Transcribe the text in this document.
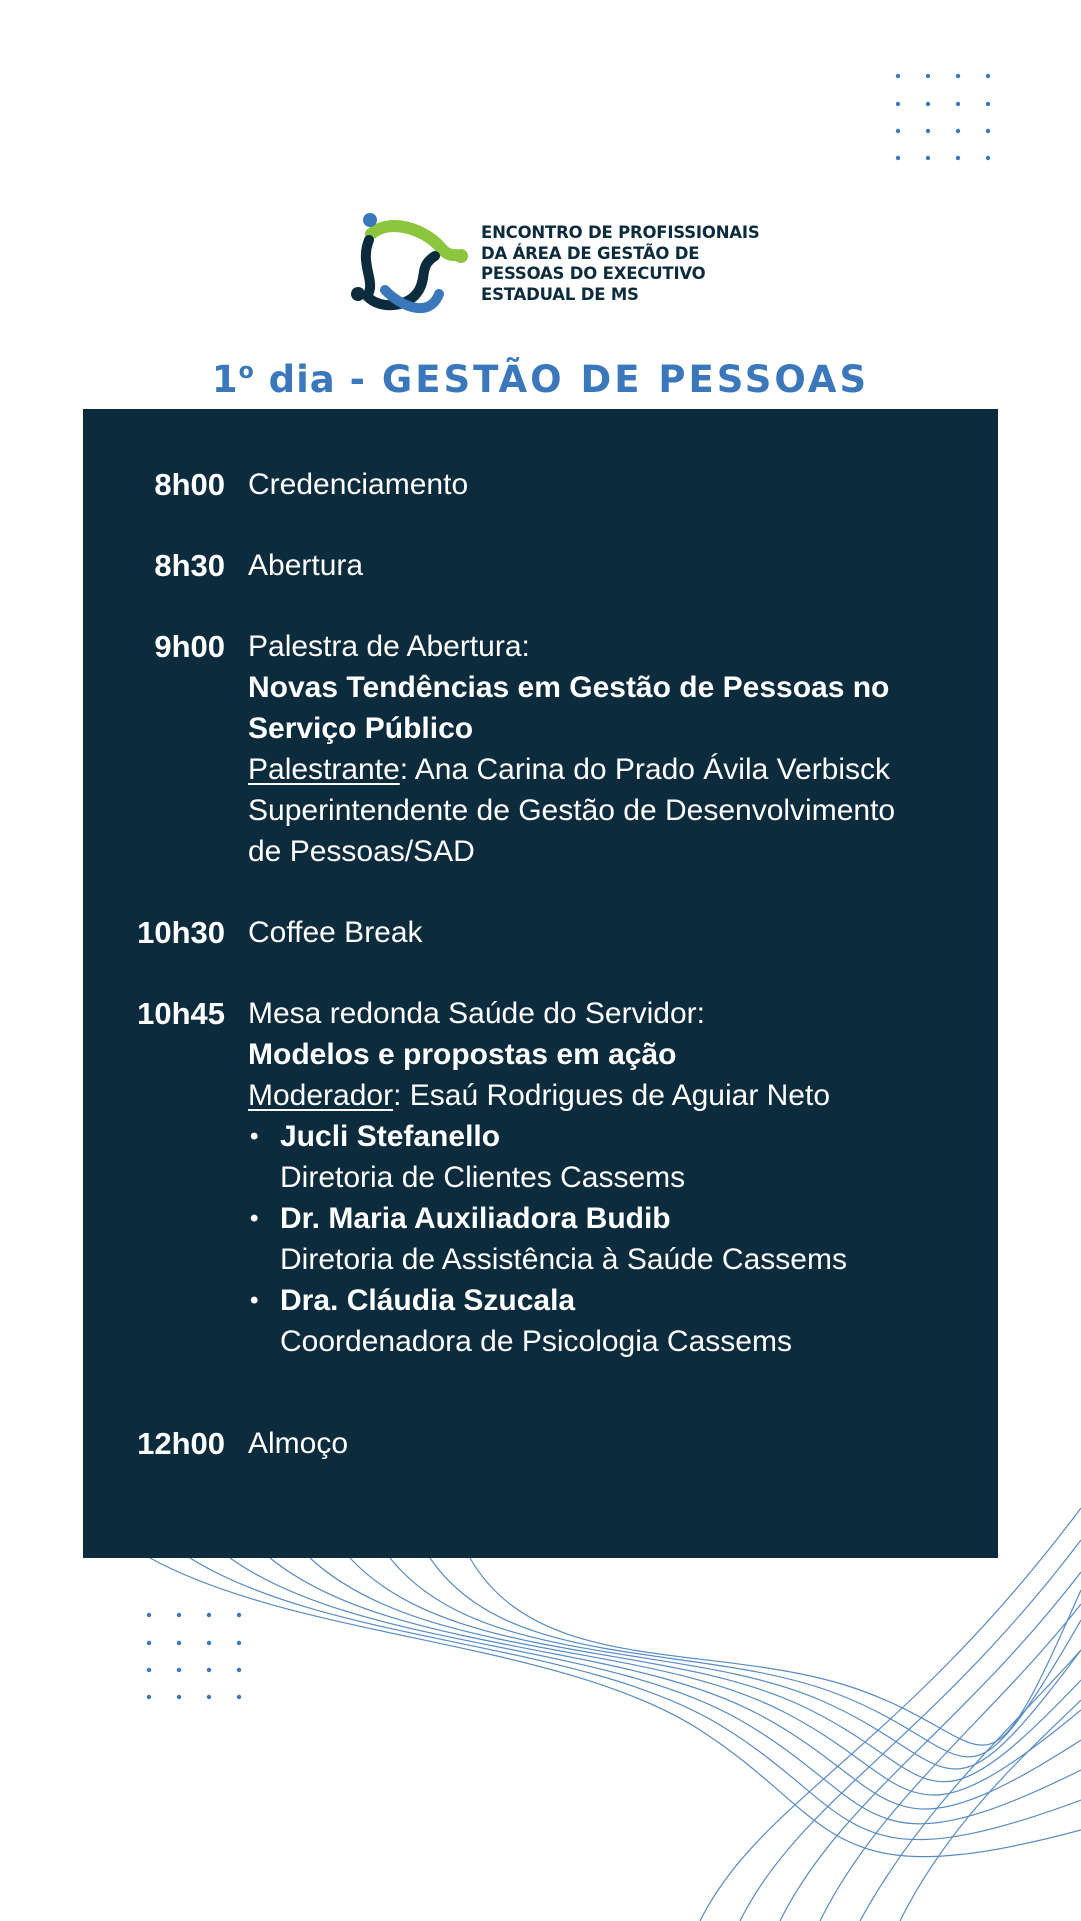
ENCONTRO DE PROFISSIONAIS
DA ÁREA DE GESTÃO DE
PESSOAS DO EXECUTIVO
ESTADUAL DE MS
1$^o$ dia - GESTÃO DE PESSOAS
8h00 Credenciamento
8h30 Abertura
9h00 Palestra de Abertura:
Novas Tendências em Gestão de Pessoas no
Serviço Público
Palestrante: Ana Carina do Prado Ávila Verbisck
Superintendente de Gestão de Desenvolvimento
de Pessoas/SAD
10h30 Coffee Break
10h45 Mesa redonda Saúde do Servidor:
Modelos e propostas em ação
Moderador: Esaú Rodrigues de Aguiar Neto
• Jucli Stefanello
Diretoria de Clientes Cassems
• Dr. Maria Auxiliadora Budib
Diretoria de Assistência à Saúde Cassems
• Dra. Cláudia Szucala
Coordenadora de Psicologia Cassems
12h00 Almoço
